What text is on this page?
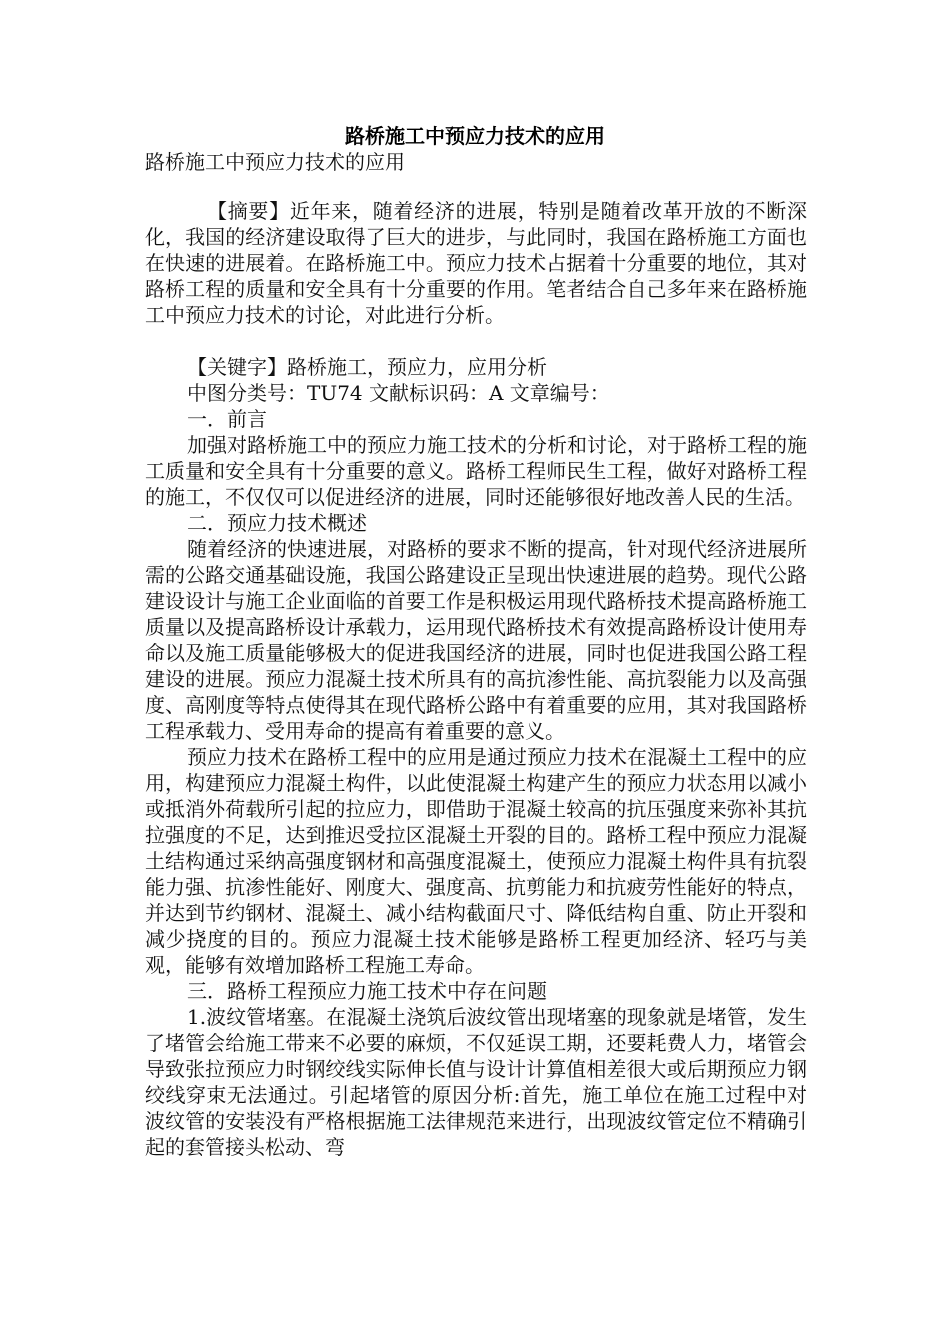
路桥施工中预应力技术的应用
路桥施工中预应力技术的应用

【摘要】近年来，随着经济的进展，特别是随着改革开放的不断深化，我国的经济建设取得了巨大的进步，与此同时，我国在路桥施工方面也在快速的进展着。在路桥施工中。预应力技术占据着十分重要的地位，其对路桥工程的质量和安全具有十分重要的作用。笔者结合自己多年来在路桥施工中预应力技术的讨论，对此进行分析。

【关键字】路桥施工，预应力，应用分析

中图分类号：TU74 文献标识码：A 文章编号：

一．前言

加强对路桥施工中的预应力施工技术的分析和讨论，对于路桥工程的施工质量和安全具有十分重要的意义。路桥工程师民生工程，做好对路桥工程的施工，不仅仅可以促进经济的进展，同时还能够很好地改善人民的生活。

二．预应力技术概述

随着经济的快速进展，对路桥的要求不断的提高，针对现代经济进展所需的公路交通基础设施，我国公路建设正呈现出快速进展的趋势。现代公路建设设计与施工企业面临的首要工作是积极运用现代路桥技术提高路桥施工质量以及提高路桥设计承载力，运用现代路桥技术有效提高路桥设计使用寿命以及施工质量能够极大的促进我国经济的进展，同时也促进我国公路工程建设的进展。预应力混凝土技术所具有的高抗渗性能、高抗裂能力以及高强度、高刚度等特点使得其在现代路桥公路中有着重要的应用，其对我国路桥工程承载力、受用寿命的提高有着重要的意义。

预应力技术在路桥工程中的应用是通过预应力技术在混凝土工程中的应用，构建预应力混凝土构件，以此使混凝土构建产生的预应力状态用以减小或抵消外荷载所引起的拉应力，即借助于混凝土较高的抗压强度来弥补其抗拉强度的不足，达到推迟受拉区混凝土开裂的目的。路桥工程中预应力混凝土结构通过采纳高强度钢材和高强度混凝土，使预应力混凝土构件具有抗裂能力强、抗渗性能好、刚度大、强度高、抗剪能力和抗疲劳性能好的特点，并达到节约钢材、混凝土、减小结构截面尺寸、降低结构自重、防止开裂和减少挠度的目的。预应力混凝土技术能够是路桥工程更加经济、轻巧与美观，能够有效增加路桥工程施工寿命。

三．路桥工程预应力施工技术中存在问题

1.波纹管堵塞。在混凝土浇筑后波纹管出现堵塞的现象就是堵管，发生了堵管会给施工带来不必要的麻烦，不仅延误工期，还要耗费人力，堵管会导致张拉预应力时钢绞线实际伸长值与设计计算值相差很大或后期预应力钢绞线穿束无法通过。引起堵管的原因分析:首先，施工单位在施工过程中对波纹管的安装没有严格根据施工法律规范来进行，出现波纹管定位不精确引起的套管接头松动、弯
